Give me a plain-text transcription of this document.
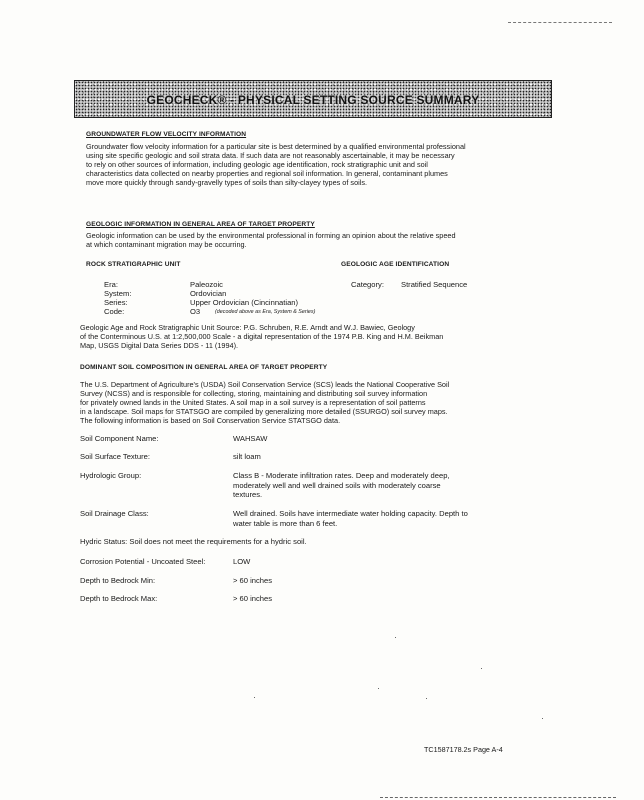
GEOCHECK® - PHYSICAL SETTING SOURCE SUMMARY
GROUNDWATER FLOW VELOCITY INFORMATION
Groundwater flow velocity information for a particular site is best determined by a qualified environmental professional
using site specific geologic and soil strata data. If such data are not reasonably ascertainable, it may be necessary
to rely on other sources of information, including geologic age identification, rock stratigraphic unit and soil
characteristics data collected on nearby properties and regional soil information. In general, contaminant plumes
move more quickly through sandy-gravelly types of soils than silty-clayey types of soils.
GEOLOGIC INFORMATION IN GENERAL AREA OF TARGET PROPERTY
Geologic information can be used by the environmental professional in forming an opinion about the relative speed
at which contaminant migration may be occurring.
ROCK STRATIGRAPHIC UNIT	GEOLOGIC AGE IDENTIFICATION
Era:	Paleozoic	Category: Stratified Sequence
System:	Ordovician
Series:	Upper Ordovician (Cincinnatian)
Code:	O3	(decoded above as Era, System & Series)
Geologic Age and Rock Stratigraphic Unit Source: P.G. Schruben, R.E. Arndt and W.J. Bawiec, Geology
of the Conterminous U.S. at 1:2,500,000 Scale - a digital representation of the 1974 P.B. King and H.M. Beikman
Map, USGS Digital Data Series DDS - 11 (1994).
DOMINANT SOIL COMPOSITION IN GENERAL AREA OF TARGET PROPERTY
The U.S. Department of Agriculture's (USDA) Soil Conservation Service (SCS) leads the National Cooperative Soil
Survey (NCSS) and is responsible for collecting, storing, maintaining and distributing soil survey information
for privately owned lands in the United States. A soil map in a soil survey is a representation of soil patterns
in a landscape. Soil maps for STATSGO are compiled by generalizing more detailed (SSURGO) soil survey maps.
The following information is based on Soil Conservation Service STATSGO data.
Soil Component Name:	WAHSAW
Soil Surface Texture:	silt loam
Hydrologic Group:	Class B - Moderate infiltration rates. Deep and moderately deep,
moderately well and well drained soils with moderately coarse
textures.
Soil Drainage Class:	Well drained. Soils have intermediate water holding capacity. Depth to
water table is more than 6 feet.
Hydric Status: Soil does not meet the requirements for a hydric soil.
Corrosion Potential - Uncoated Steel:	LOW
Depth to Bedrock Min:	> 60 inches
Depth to Bedrock Max:	> 60 inches
TC1587178.2s Page A-4
